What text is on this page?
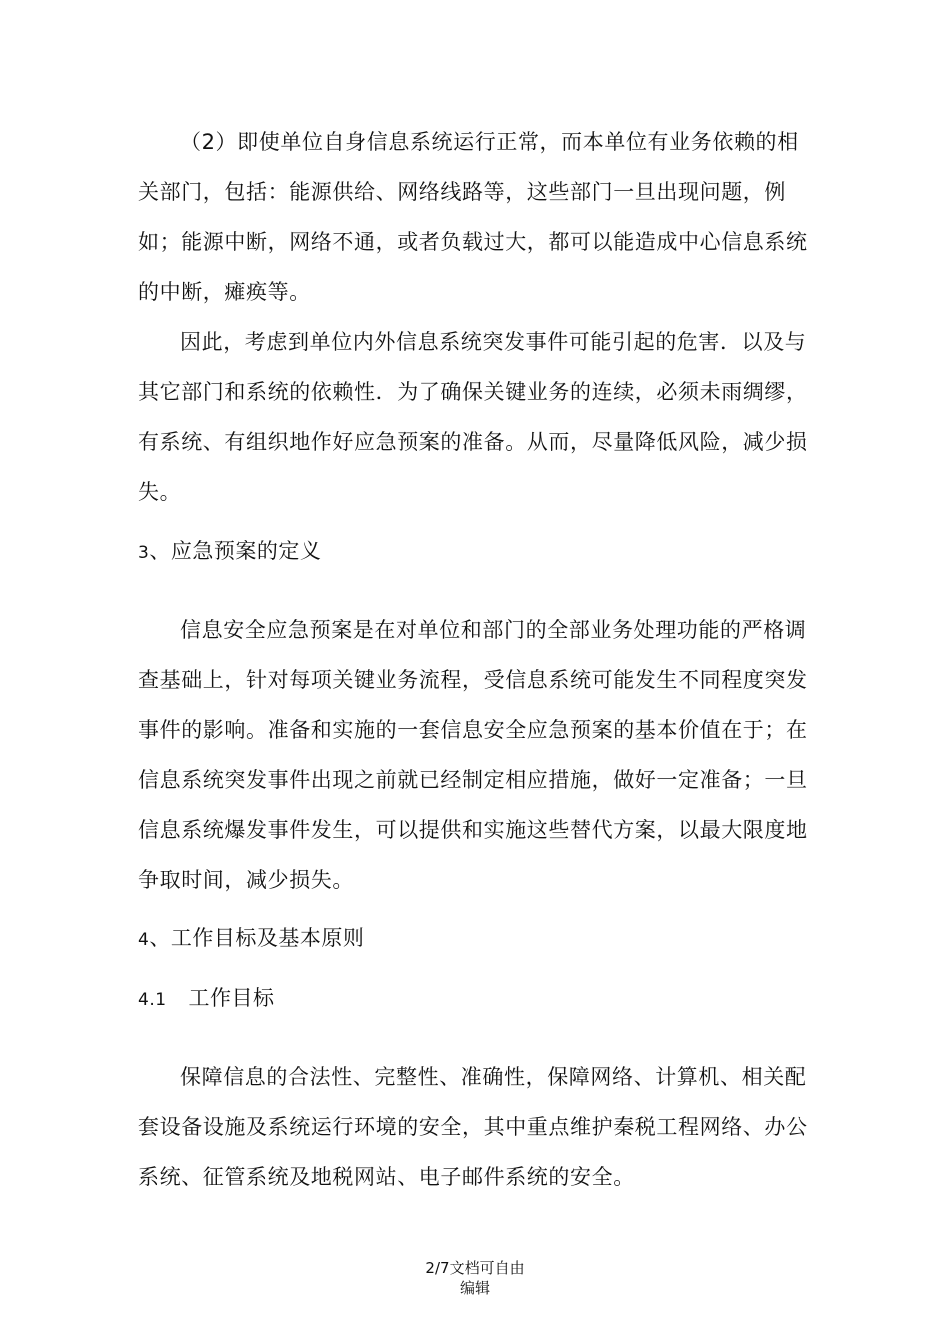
（2）即使单位自身信息系统运行正常，而本单位有业务依赖的相关部门，包括：能源供给、网络线路等，这些部门一旦出现问题，例如；能源中断，网络不通，或者负载过大，都可以能造成中心信息系统的中断，瘫痪等。

因此，考虑到单位内外信息系统突发事件可能引起的危害．以及与其它部门和系统的依赖性．为了确保关键业务的连续，必须未雨绸缪，有系统、有组织地作好应急预案的准备。从而，尽量降低风险，减少损失。

3、应急预案的定义

信息安全应急预案是在对单位和部门的全部业务处理功能的严格调查基础上，针对每项关键业务流程，受信息系统可能发生不同程度突发事件的影响。准备和实施的一套信息安全应急预案的基本价值在于；在信息系统突发事件出现之前就已经制定相应措施，做好一定准备；一旦信息系统爆发事件发生，可以提供和实施这些替代方案，以最大限度地争取时间，减少损失。

4、工作目标及基本原则
4.1 工作目标

保障信息的合法性、完整性、准确性，保障网络、计算机、相关配套设备设施及系统运行环境的安全，其中重点维护秦税工程网络、办公系统、征管系统及地税网站、电子邮件系统的安全。

2/7文档可自由
编辑
